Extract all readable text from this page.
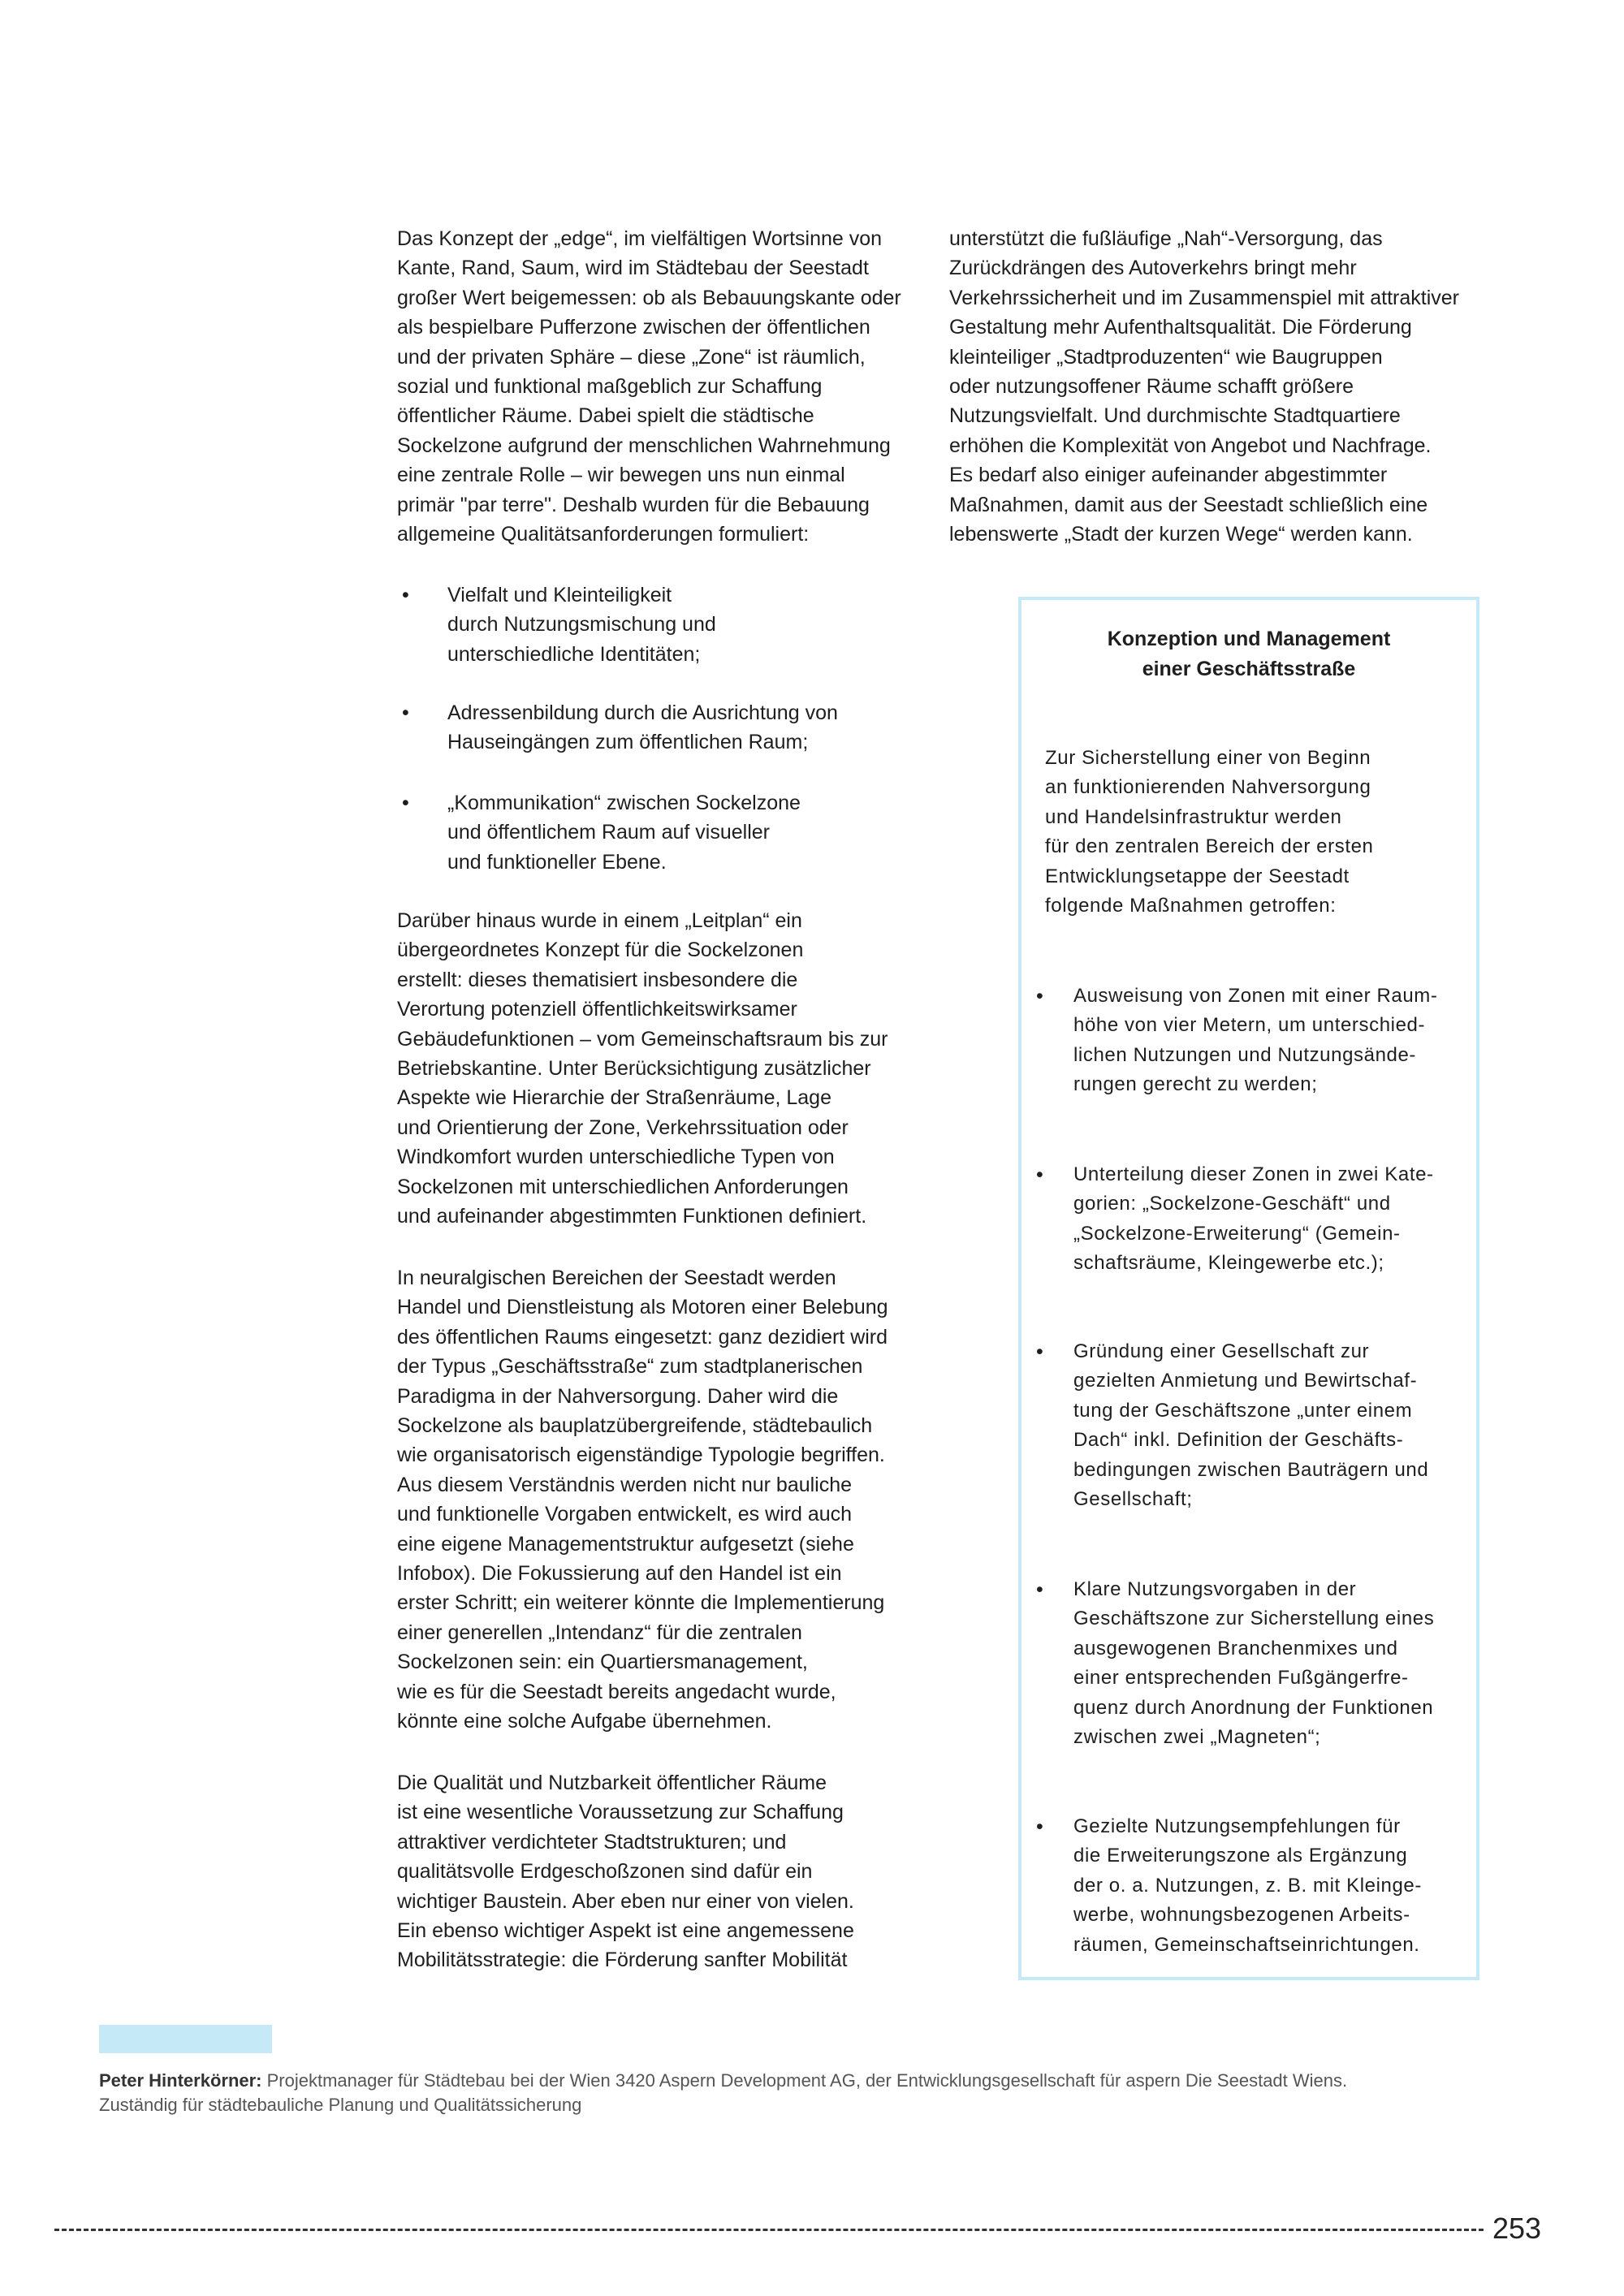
Das Konzept der „edge“, im vielfältigen Wortsinne von
Kante, Rand, Saum, wird im Städtebau der Seestadt
großer Wert beigemessen: ob als Bebauungskante oder
als bespielbare Pufferzone zwischen der öffentlichen
und der privaten Sphäre – diese „Zone“ ist räumlich,
sozial und funktional maßgeblich zur Schaffung
öffentlicher Räume. Dabei spielt die städtische
Sockelzone aufgrund der menschlichen Wahrnehmung
eine zentrale Rolle – wir bewegen uns nun einmal
primär "par terre". Deshalb wurden für die Bebauung
allgemeine Qualitätsanforderungen formuliert:
• Vielfalt und Kleinteiligkeit
durch Nutzungsmischung und
unterschiedliche Identitäten;
• Adressenbildung durch die Ausrichtung von
Hauseingängen zum öffentlichen Raum;
• „Kommunikation“ zwischen Sockelzone
und öffentlichem Raum auf visueller
und funktioneller Ebene.
Darüber hinaus wurde in einem „Leitplan“ ein
übergeordnetes Konzept für die Sockelzonen
erstellt: dieses thematisiert insbesondere die
Verortung potenziell öffentlichkeitswirksamer
Gebäudefunktionen – vom Gemeinschaftsraum bis zur
Betriebskantine. Unter Berücksichtigung zusätzlicher
Aspekte wie Hierarchie der Straßenräume, Lage
und Orientierung der Zone, Verkehrssituation oder
Windkomfort wurden unterschiedliche Typen von
Sockelzonen mit unterschiedlichen Anforderungen
und aufeinander abgestimmten Funktionen definiert.
In neuralgischen Bereichen der Seestadt werden
Handel und Dienstleistung als Motoren einer Belebung
des öffentlichen Raums eingesetzt: ganz dezidiert wird
der Typus „Geschäftsstraße“ zum stadtplanerischen
Paradigma in der Nahversorgung. Daher wird die
Sockelzone als bauplatzübergreifende, städtebaulich
wie organisatorisch eigenständige Typologie begriffen.
Aus diesem Verständnis werden nicht nur bauliche
und funktionelle Vorgaben entwickelt, es wird auch
eine eigene Managementstruktur aufgesetzt (siehe
Infobox). Die Fokussierung auf den Handel ist ein
erster Schritt; ein weiterer könnte die Implementierung
einer generellen „Intendanz“ für die zentralen
Sockelzonen sein: ein Quartiersmanagement,
wie es für die Seestadt bereits angedacht wurde,
könnte eine solche Aufgabe übernehmen.
Die Qualität und Nutzbarkeit öffentlicher Räume
ist eine wesentliche Voraussetzung zur Schaffung
attraktiver verdichteter Stadtstrukturen; und
qualitätsvolle Erdgeschoßzonen sind dafür ein
wichtiger Baustein. Aber eben nur einer von vielen.
Ein ebenso wichtiger Aspekt ist eine angemessene
Mobilitätsstrategie: die Förderung sanfter Mobilität
unterstützt die fußläufige „Nah“-Versorgung, das
Zurückdrängen des Autoverkehrs bringt mehr
Verkehrssicherheit und im Zusammenspiel mit attraktiver
Gestaltung mehr Aufenthaltsqualität. Die Förderung
kleinteiliger „Stadtproduzenten“ wie Baugruppen
oder nutzungsoffener Räume schafft größere
Nutzungsvielfalt. Und durchmischte Stadtquartiere
erhöhen die Komplexität von Angebot und Nachfrage.
Es bedarf also einiger aufeinander abgestimmter
Maßnahmen, damit aus der Seestadt schließlich eine
lebenswerte „Stadt der kurzen Wege“ werden kann.
Konzeption und Management
einer Geschäftsstraße
Zur Sicherstellung einer von Beginn
an funktionierenden Nahversorgung
und Handelsinfrastruktur werden
für den zentralen Bereich der ersten
Entwicklungsetappe der Seestadt
folgende Maßnahmen getroffen:
• Ausweisung von Zonen mit einer Raum-
höhe von vier Metern, um unterschied-
lichen Nutzungen und Nutzungsände-
rungen gerecht zu werden;
• Unterteilung dieser Zonen in zwei Kate-
gorien: „Sockelzone-Geschäft“ und
„Sockelzone-Erweiterung“ (Gemein-
schaftsräume, Kleingewerbe etc.);
• Gründung einer Gesellschaft zur
gezielten Anmietung und Bewirtschaf-
tung der Geschäftszone „unter einem
Dach“ inkl. Definition der Geschäfts-
bedingungen zwischen Bauträgern und
Gesellschaft;
• Klare Nutzungsvorgaben in der
Geschäftszone zur Sicherstellung eines
ausgewogenen Branchenmixes und
einer entsprechenden Fußgängerfre-
quenz durch Anordnung der Funktionen
zwischen zwei „Magneten“;
• Gezielte Nutzungsempfehlungen für
die Erweiterungszone als Ergänzung
der o. a. Nutzungen, z. B. mit Kleinge-
werbe, wohnungsbezogenen Arbeits-
räumen, Gemeinschaftseinrichtungen.
Peter Hinterkörner: Projektmanager für Städtebau bei der Wien 3420 Aspern Development AG, der Entwicklungsgesellschaft für aspern Die Seestadt Wiens.
Zuständig für städtebauliche Planung und Qualitätssicherung
253
